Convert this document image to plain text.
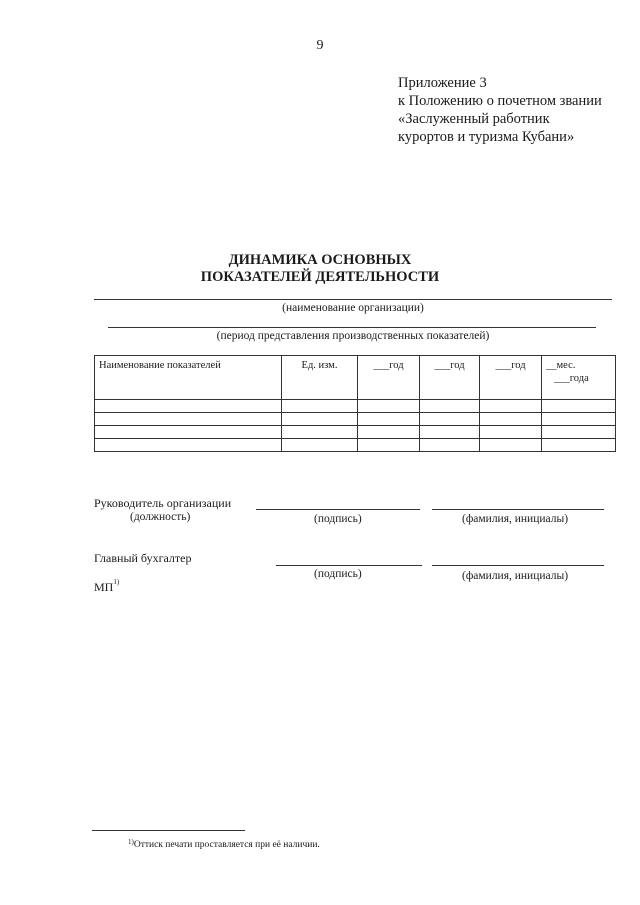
9
Приложение 3
к Положению о почетном звании
«Заслуженный работник
курортов и туризма Кубани»
ДИНАМИКА ОСНОВНЫХ
ПОКАЗАТЕЛЕЙ ДЕЯТЕЛЬНОСТИ
(наименование организации)
(период представления производственных показателей)
Наименование показателей	Ед. изм.	___год	___год	___год	__мес.
___года

Руководитель организации
(должность)	(подпись)	(фамилия, инициалы)
Главный бухгалтер
(подпись)	(фамилия, инициалы)
МП$^{1)}$
$^{1)}$Оттиск печати проставляется при её наличии.
